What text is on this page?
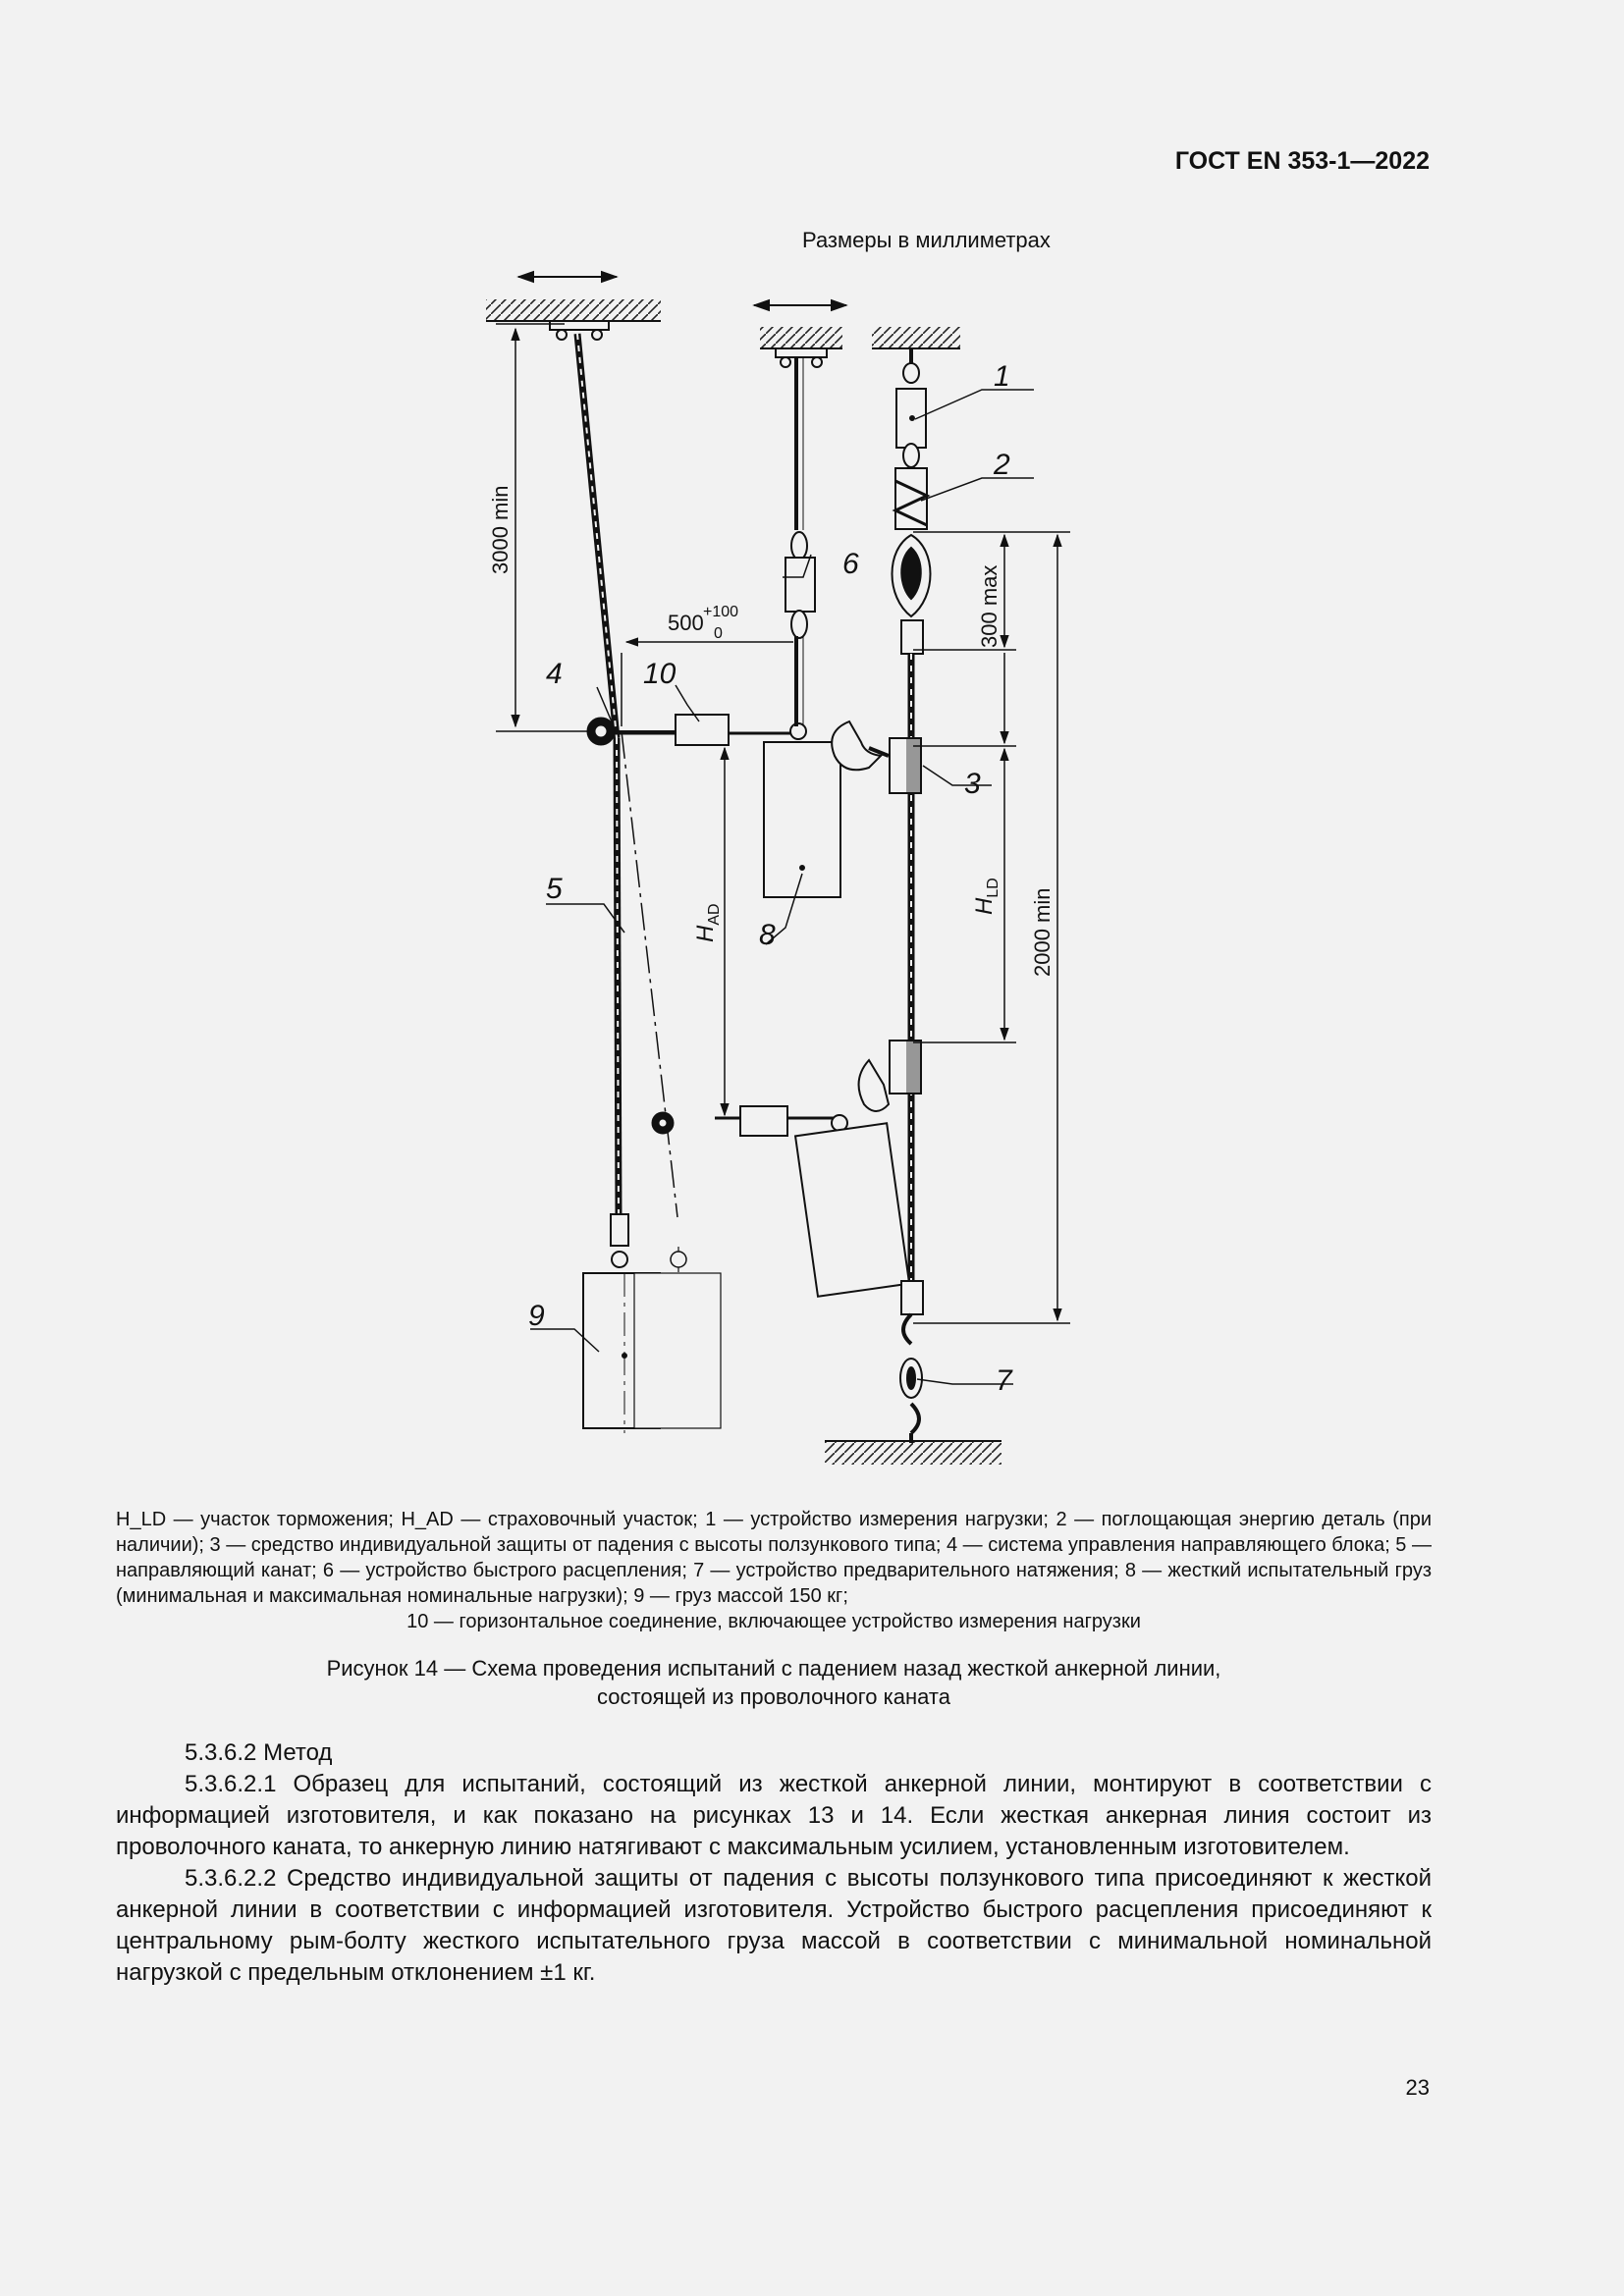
ГОСТ EN 353-1—2022
Размеры в миллиметрах
3000 min
500 +100
0	300 max
2000 min
$H_{AD}$	$H_{LD}$
1
2
3
4
5
6
7
8
9
10
H_LD — участок торможения; H_AD — страховочный участок; 1 — устройство измерения нагрузки; 2 — поглощающая энергию деталь (при наличии); 3 — средство индивидуальной защиты от падения с высоты ползункового типа; 4 — система управления направляющего блока; 5 — направляющий канат; 6 — устройство быстрого расцепления; 7 — устройство предварительного натяжения; 8 — жесткий испытательный груз (минимальная и максимальная номинальные нагрузки); 9 — груз массой 150 кг;
10 — горизонтальное соединение, включающее устройство измерения нагрузки
Рисунок 14 — Схема проведения испытаний с падением назад жесткой анкерной линии,
состоящей из проволочного каната

5.3.6.2 Метод

5.3.6.2.1 Образец для испытаний, состоящий из жесткой анкерной линии, монтируют в соответствии с информацией изготовителя, и как показано на рисунках 13 и 14. Если жесткая анкерная линия состоит из проволочного каната, то анкерную линию натягивают с максимальным усилием, установленным изготовителем.

5.3.6.2.2 Средство индивидуальной защиты от падения с высоты ползункового типа присоединяют к жесткой анкерной линии в соответствии с информацией изготовителя. Устройство быстрого расцепления присоединяют к центральному рым-болту жесткого испытательного груза массой в соответствии с минимальной номинальной нагрузкой с предельным отклонением ±1 кг.

23
